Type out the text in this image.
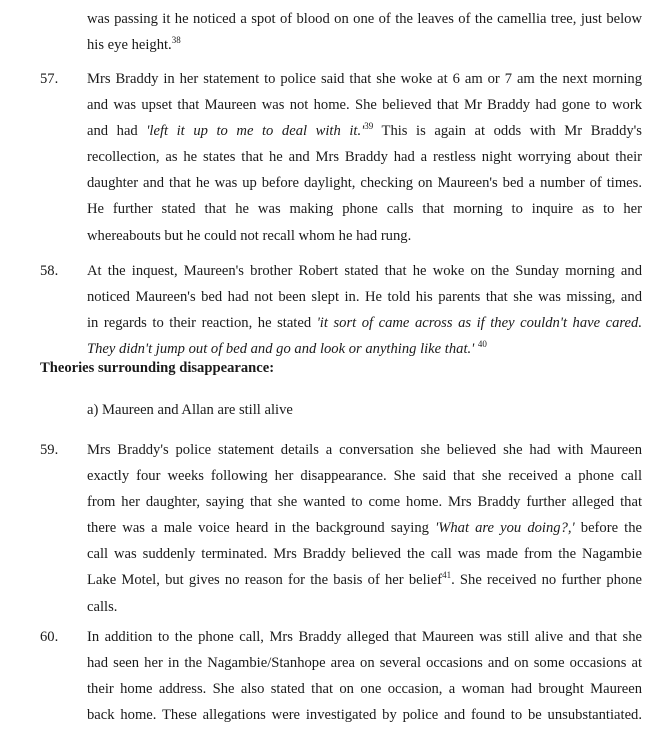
was passing it he noticed a spot of blood on one of the leaves of the camellia tree, just below
his eye height.$^{38}$
57. Mrs Braddy in her statement to police said that she woke at 6 am or 7 am the next morning
and was upset that Maureen was not home. She believed that Mr Braddy had gone to work
and had 'left it up to me to deal with $it.'^{39}$ This is again at odds with Mr Braddy's
recollection, as he states that he and Mrs Braddy had a restless night worrying about their
daughter and that he was up before daylight, checking on Maureen's bed a number of times.
He further stated that he was making phone calls that morning to inquire as to her
whereabouts but he could not recall whom he had rung.
58. At the inquest, Maureen's brother Robert stated that he woke on the Sunday morning and
noticed Maureen's bed had not been slept in. He told his parents that she was missing, and
in regards to their reaction, he stated 'it sort of came across as if they couldn't have cared.
They didn't jump out of bed and go and look or anything like that.' $^{40}$
Theories surrounding disappearance:
a) Maureen and Allan are still alive
59. Mrs Braddy's police statement details a conversation she believed she had with Maureen
exactly four weeks following her disappearance. She said that she received a phone call
from her daughter, saying that she wanted to come home. Mrs Braddy further alleged that
there was a male voice heard in the background saying 'What are you doing?,' before the
call was suddenly terminated. Mrs Braddy believed the call was made from the Nagambie
Lake Motel, but gives no reason for the basis of her belief$^{41}$. She received no further phone
calls.
60. In addition to the phone call, Mrs Braddy alleged that Maureen was still alive and that she
had seen her in the Nagambie/Stanhope area on several occasions and on some occasions at
their home address. She also stated that on one occasion, a woman had brought Maureen
back home. These allegations were investigated by police and found to be unsubstantiated.
